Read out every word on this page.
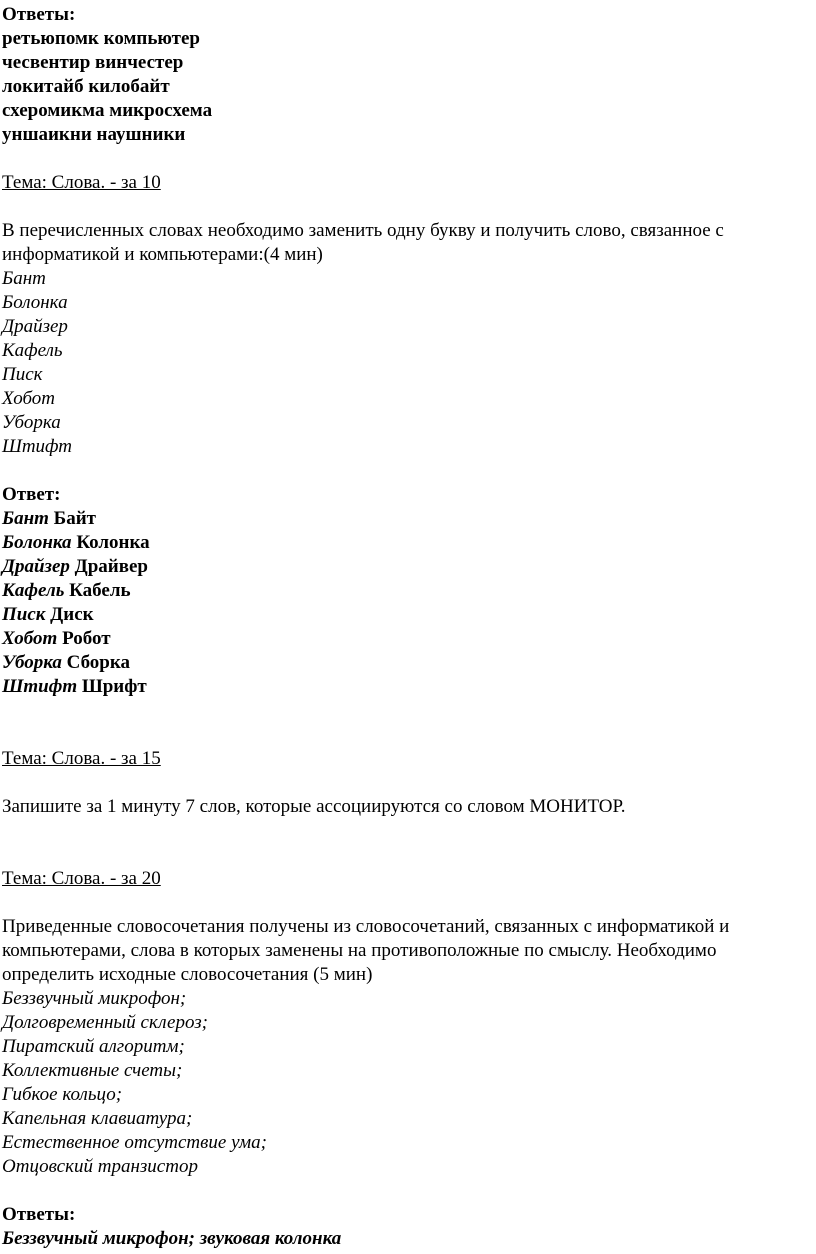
Ответы:
ретьюпомк компьютер
чесвентир винчестер
локитайб килобайт
схеромикма микросхема
уншаикни наушники
Тема: Слова. - за 10
В перечисленных словах необходимо заменить одну букву и получить слово, связанное с информатикой и компьютерами:(4 мин)
Бант
Болонка
Драйзер
Кафель
Писк
Хобот
Уборка
Штифт
Ответ:
Бант Байт
Болонка Колонка
Драйзер Драйвер
Кафель Кабель
Писк Диск
Хобот Робот
Уборка Сборка
Штифт Шрифт
Тема: Слова. - за 15
Запишите за 1 минуту 7 слов, которые ассоциируются со словом МОНИТОР.
Тема: Слова. - за 20
Приведенные словосочетания получены из словосочетаний, связанных с информатикой и компьютерами, слова в которых заменены на противоположные по смыслу. Необходимо определить исходные словосочетания (5 мин)
Беззвучный микрофон;
Долговременный склероз;
Пиратский алгоритм;
Коллективные счеты;
Гибкое кольцо;
Капельная клавиатура;
Естественное отсутствие ума;
Отцовский транзистор
Ответы:
Беззвучный микрофон; звуковая колонка
